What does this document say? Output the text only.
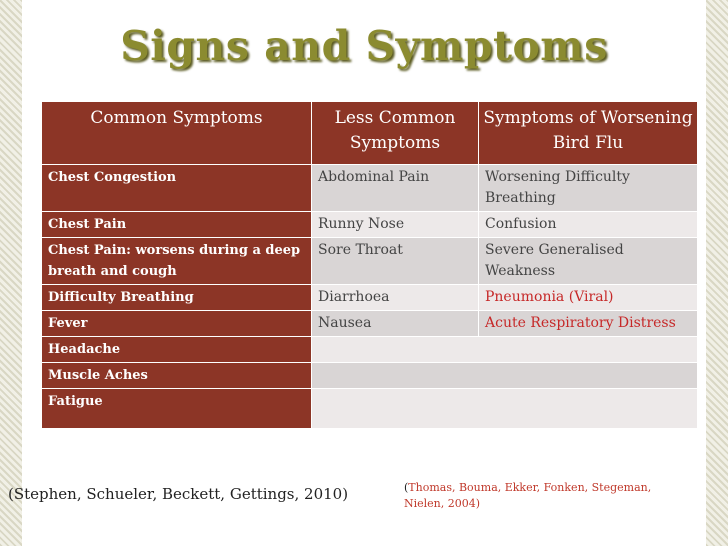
Signs and Symptoms
Common Symptoms	Less Common Symptoms	Symptoms of Worsening Bird Flu
Chest Congestion	Abdominal Pain	Worsening Difficulty Breathing
Chest Pain	Runny Nose	Confusion
Chest Pain: worsens during a deep breath and cough	Sore Throat	Severe Generalised Weakness
Difficulty Breathing	Diarrhoea	Pneumonia (Viral)
Fever	Nausea	Acute Respiratory Distress
Headache		
Muscle Aches		
Fatigue		
(Stephen, Schueler, Beckett, Gettings, 2010)	(Thomas, Bouma, Ekker, Fonken, Stegeman, Nielen, 2004)
